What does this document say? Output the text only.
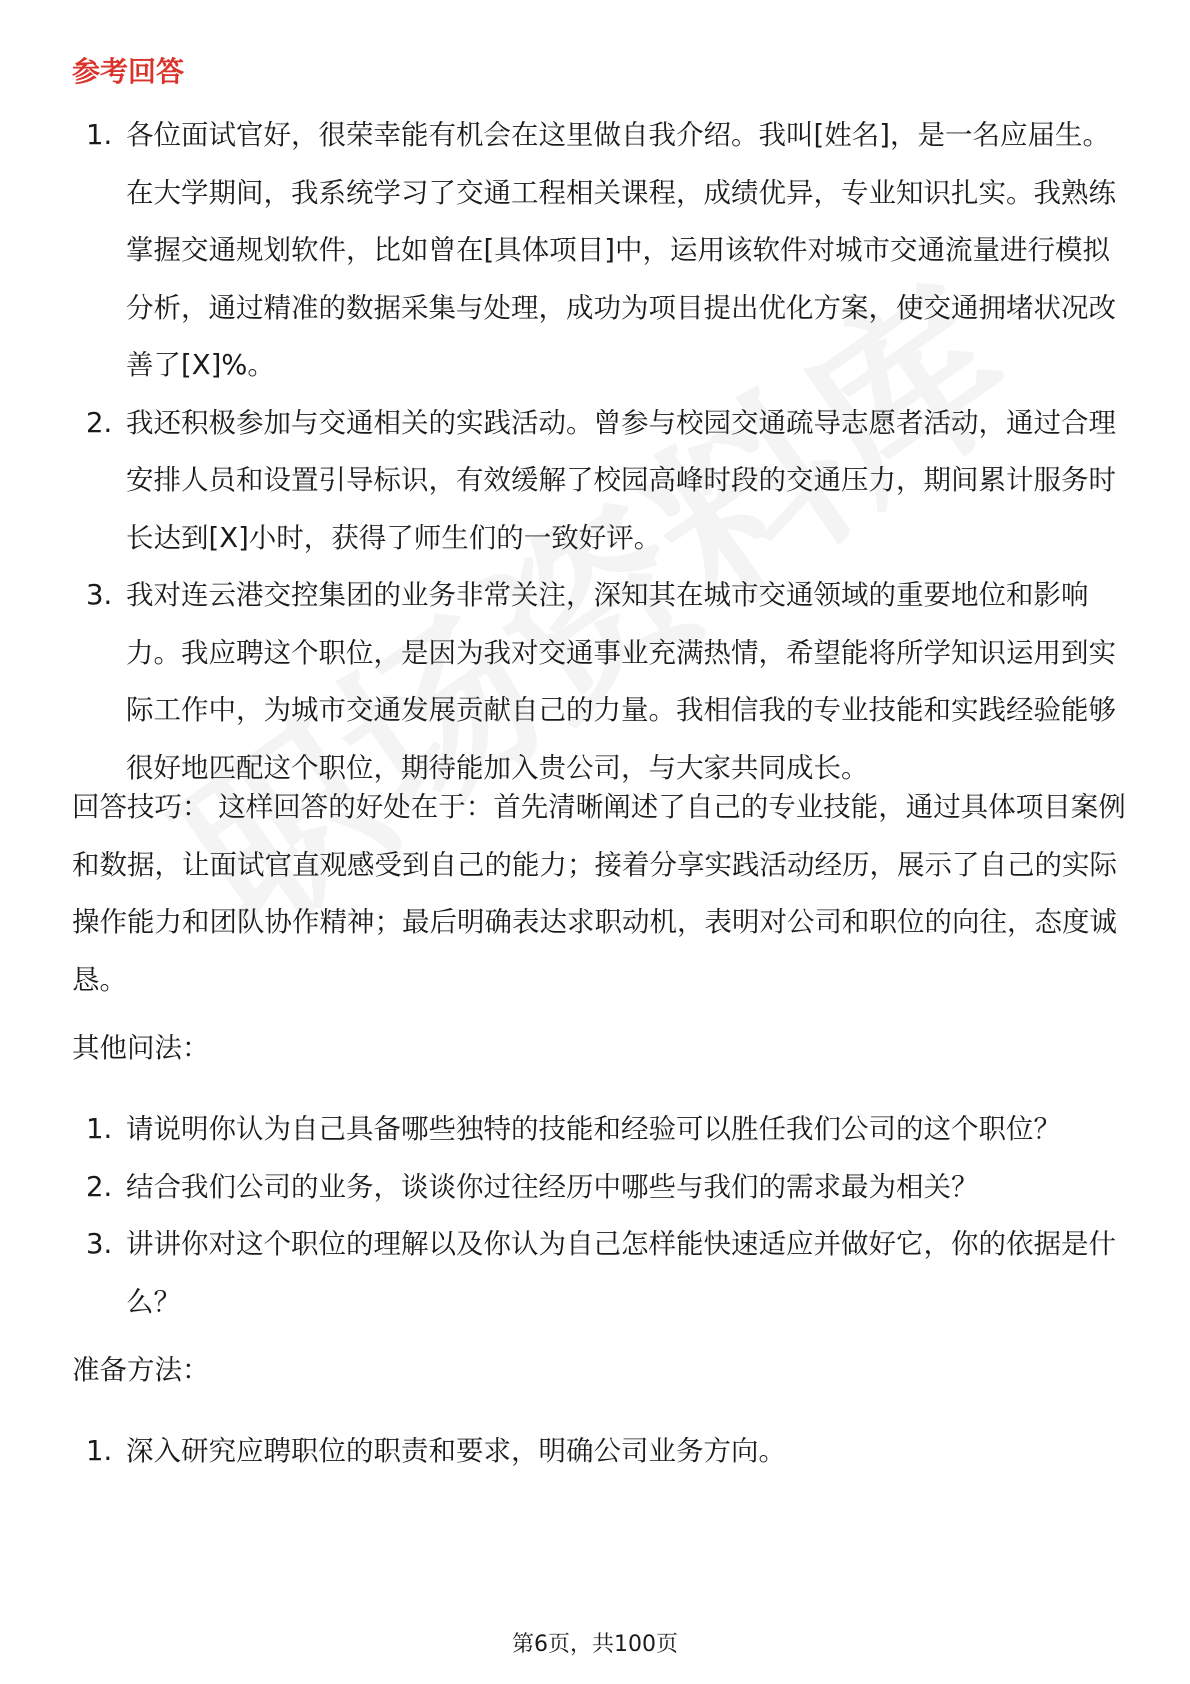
参考回答
1. 各位面试官好，很荣幸能有机会在这里做自我介绍。我叫[姓名]，是一名应届生。在大学期间，我系统学习了交通工程相关课程，成绩优异，专业知识扎实。我熟练掌握交通规划软件，比如曾在[具体项目]中，运用该软件对城市交通流量进行模拟分析，通过精准的数据采集与处理，成功为项目提出优化方案，使交通拥堵状况改善了[X]%。
2. 我还积极参加与交通相关的实践活动。曾参与校园交通疏导志愿者活动，通过合理安排人员和设置引导标识，有效缓解了校园高峰时段的交通压力，期间累计服务时长达到[X]小时，获得了师生们的一致好评。
3. 我对连云港交控集团的业务非常关注，深知其在城市交通领域的重要地位和影响力。我应聘这个职位，是因为我对交通事业充满热情，希望能将所学知识运用到实际工作中，为城市交通发展贡献自己的力量。我相信我的专业技能和实践经验能够很好地匹配这个职位，期待能加入贵公司，与大家共同成长。

回答技巧： 这样回答的好处在于：首先清晰阐述了自己的专业技能，通过具体项目案例和数据，让面试官直观感受到自己的能力；接着分享实践活动经历，展示了自己的实际操作能力和团队协作精神；最后明确表达求职动机，表明对公司和职位的向往，态度诚恳。

其他问法：

1. 请说明你认为自己具备哪些独特的技能和经验可以胜任我们公司的这个职位？
2. 结合我们公司的业务，谈谈你过往经历中哪些与我们的需求最为相关？
3. 讲讲你对这个职位的理解以及你认为自己怎样能快速适应并做好它，你的依据是什么？

准备方法：

1. 深入研究应聘职位的职责和要求，明确公司业务方向。
第6页，共100页
